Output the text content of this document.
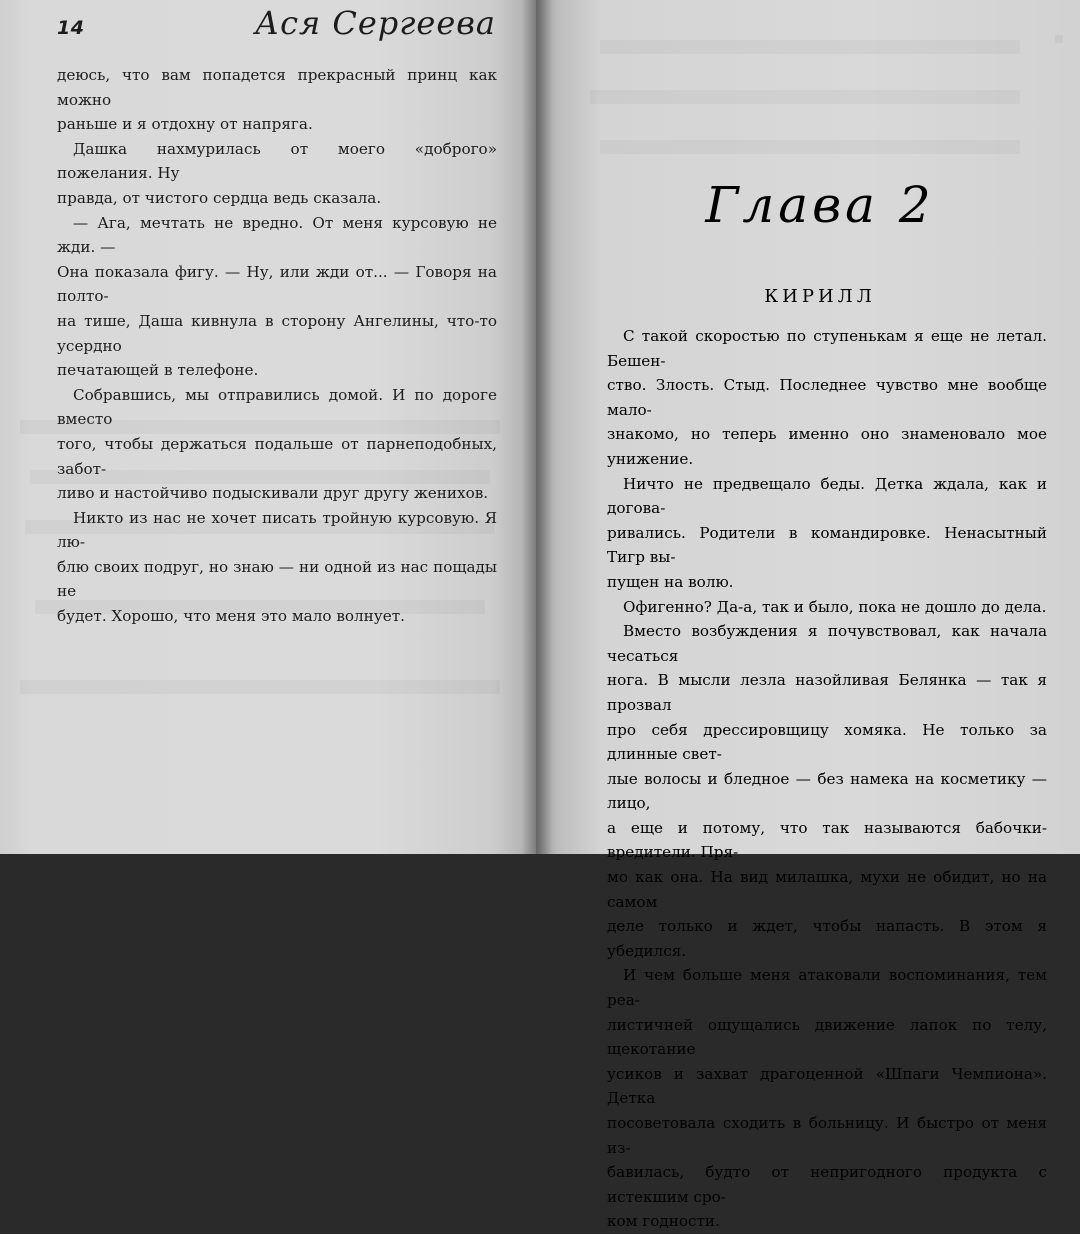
14	Ася Сергеева

деюсь, что вам попадется прекрасный принц как можно

раньше и я отдохну от напряга.

Дашка нахмурилась от моего «доброго» пожелания. Ну

правда, от чистого сердца ведь сказала.

— Ага, мечтать не вредно. От меня курсовую не жди. —

Она показала фигу. — Ну, или жди от... — Говоря на полто-

на тише, Даша кивнула в сторону Ангелины, что-то усердно

печатающей в телефоне.

Собравшись, мы отправились домой. И по дороге вместо

того, чтобы держаться подальше от парнеподобных, забот-

ливо и настойчиво подыскивали друг другу женихов.

Никто из нас не хочет писать тройную курсовую. Я лю-

блю своих подруг, но знаю — ни одной из нас пощады не

будет. Хорошо, что меня это мало волнует.

Глава 2
КИРИЛЛ

С такой скоростью по ступенькам я еще не летал. Бешен-

ство. Злость. Стыд. Последнее чувство мне вообще мало-

знакомо, но теперь именно оно знаменовало мое унижение.

Ничто не предвещало беды. Детка ждала, как и догова-

ривались. Родители в командировке. Ненасытный Тигр вы-

пущен на волю.

Офигенно? Да-а, так и было, пока не дошло до дела.

Вместо возбуждения я почувствовал, как начала чесаться

нога. В мысли лезла назойливая Белянка — так я прозвал

про себя дрессировщицу хомяка. Не только за длинные свет-

лые волосы и бледное — без намека на косметику — лицо,

а еще и потому, что так называются бабочки-вредители. Пря-

мо как она. На вид милашка, мухи не обидит, но на самом

деле только и ждет, чтобы напасть. В этом я убедился.

И чем больше меня атаковали воспоминания, тем реа-

листичней ощущались движение лапок по телу, щекотание

усиков и захват драгоценной «Шпаги Чемпиона». Детка

посоветовала сходить в больницу. И быстро от меня из-

бавилась, будто от непригодного продукта с истекшим сро-

ком годности.

▪
